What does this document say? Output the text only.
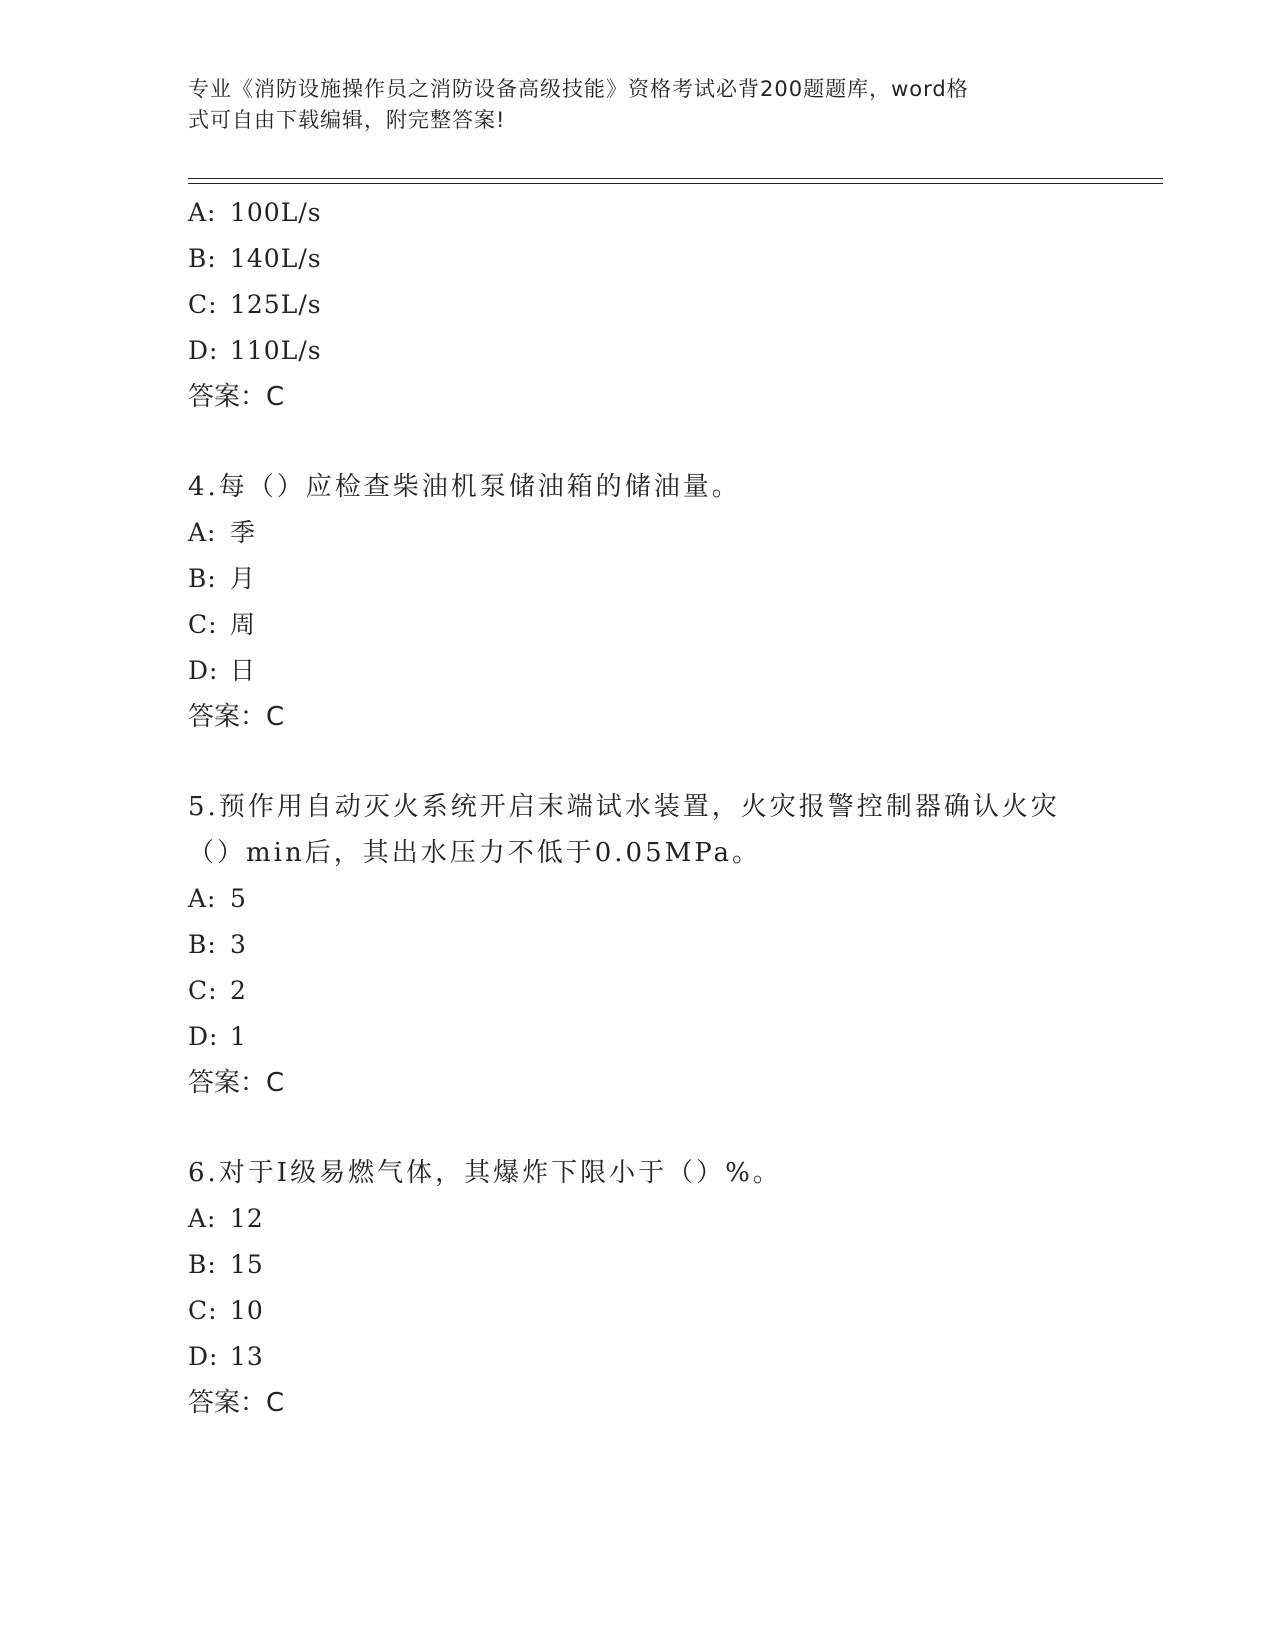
专业《消防设施操作员之消防设备高级技能》资格考试必背200题题库，word格
式可自由下载编辑，附完整答案!
A: 100L/s
B: 140L/s
C: 125L/s
D: 110L/s
答案：C
4.每（）应检查柴油机泵储油箱的储油量。
A: 季
B: 月
C: 周
D: 日
答案：C
5.预作用自动灭火系统开启末端试水装置，火灾报警控制器确认火灾
（）min后，其出水压力不低于0.05MPa。
A: 5
B: 3
C: 2
D: 1
答案：C
6.对于Ⅰ级易燃气体，其爆炸下限小于（）%。
A: 12
B: 15
C: 10
D: 13
答案：C
